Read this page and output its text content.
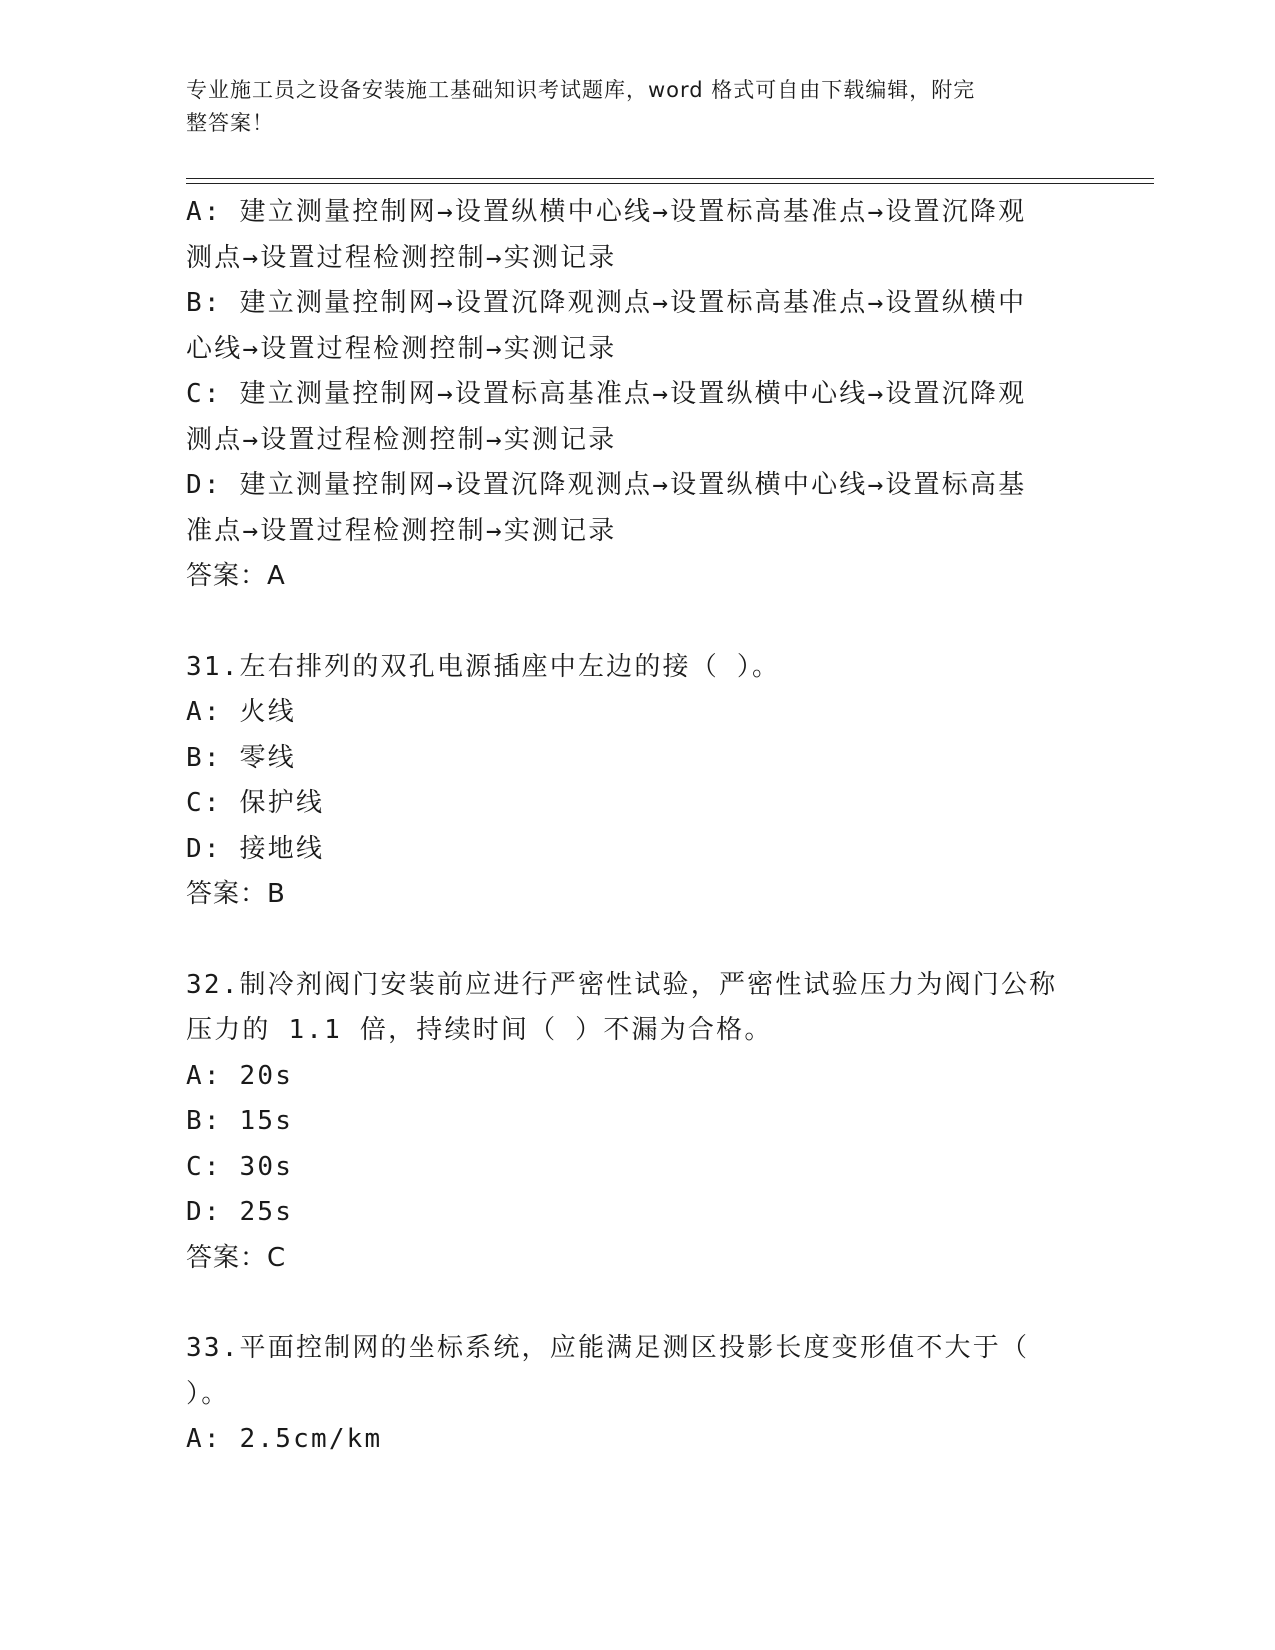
专业施工员之设备安装施工基础知识考试题库，word 格式可自由下载编辑，附完
整答案！
A: 建立测量控制网→设置纵横中心线→设置标高基准点→设置沉降观
测点→设置过程检测控制→实测记录
B: 建立测量控制网→设置沉降观测点→设置标高基准点→设置纵横中
心线→设置过程检测控制→实测记录
C: 建立测量控制网→设置标高基准点→设置纵横中心线→设置沉降观
测点→设置过程检测控制→实测记录
D: 建立测量控制网→设置沉降观测点→设置纵横中心线→设置标高基
准点→设置过程检测控制→实测记录
答案：A
31.左右排列的双孔电源插座中左边的接（ ）。
A: 火线
B: 零线
C: 保护线
D: 接地线
答案：B
32.制冷剂阀门安装前应进行严密性试验，严密性试验压力为阀门公称
压力的 1.1 倍，持续时间（ ）不漏为合格。
A: 20s
B: 15s
C: 30s
D: 25s
答案：C
33.平面控制网的坐标系统，应能满足测区投影长度变形值不大于（
）。
A: 2.5cm/km
